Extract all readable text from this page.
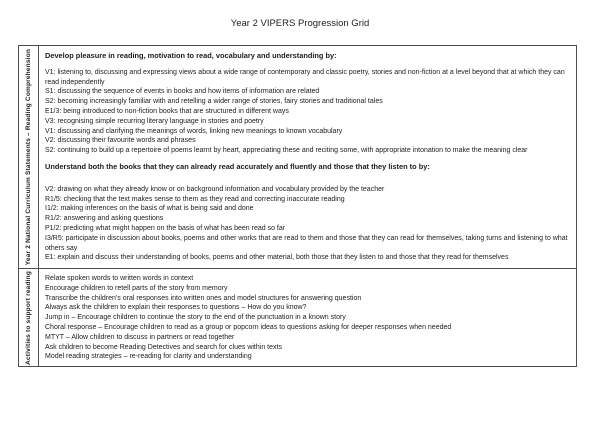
Year 2 VIPERS Progression Grid
Year 2 National Curriculum Statements – Reading Comprehension Develop pleasure in reading, motivation to read, vocabulary and understanding by:
V1: listening to, discussing and expressing views about a wide range of contemporary and classic poetry, stories and non-fiction at a level beyond that at which they can read independently
S1: discussing the sequence of events in books and how items of information are related
S2: becoming increasingly familiar with and retelling a wider range of stories, fairy stories and traditional tales
E1/3: being introduced to non-fiction books that are structured in different ways
V3: recognising simple recurring literary language in stories and poetry
V1: discussing and clarifying the meanings of words, linking new meanings to known vocabulary
V2: discussing their favourite words and phrases
S2: continuing to build up a repertoire of poems learnt by heart, appreciating these and reciting some, with appropriate intonation to make the meaning clear
Understand both the books that they can already read accurately and fluently and those that they listen to by:
V2: drawing on what they already know or on background information and vocabulary provided by the teacher
R1/5: checking that the text makes sense to them as they read and correcting inaccurate reading
I1/2: making inferences on the basis of what is being said and done
R1/2: answering and asking questions
P1/2: predicting what might happen on the basis of what has been read so far
I3/R5: participate in discussion about books, poems and other works that are read to them and those that they can read for themselves, taking turns and listening to what others say
E1: explain and discuss their understanding of books, poems and other material, both those that they listen to and those that they read for themselves
Activities to support reading Relate spoken words to written words in context
Encourage children to retell parts of the story from memory
Transcribe the children's oral responses into written ones and model structures for answering question
Always ask the children to explain their responses to questions – How do you know?
Jump in – Encourage children to continue the story to the end of the punctuation in a known story
Choral response – Encourage children to read as a group or popcorn ideas to questions asking for deeper responses when needed
MTYT – Allow children to discuss in partners or read together
Ask children to become Reading Detectives and search for clues within texts
Model reading strategies – re-reading for clarity and understanding
